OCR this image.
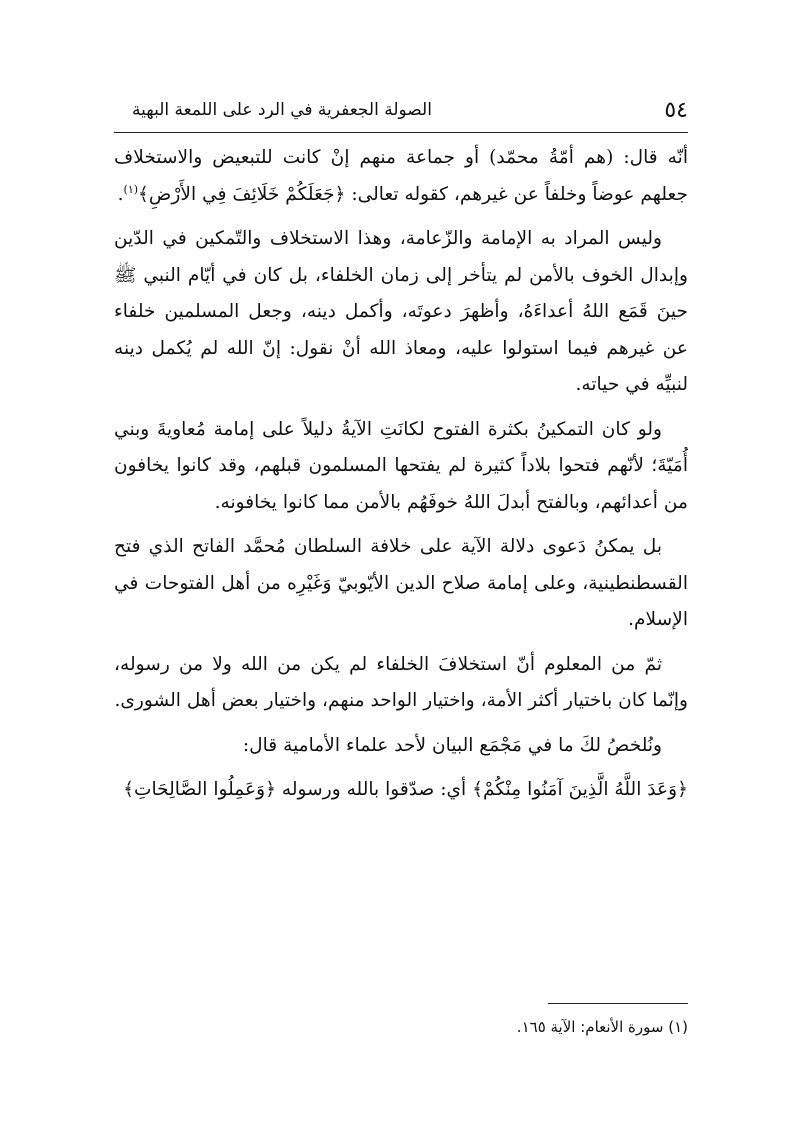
٥٤
الصولة الجعفرية في الرد على اللمعة البهية

أنّه قال: (هم أمّةُ محمّد) أو جماعة منهم إنْ كانت للتبعيض والاستخلاف جعلهم عوضاً وخلفاً عن غيرهم، كقوله تعالى: ﴿جَعَلَكُمْ خَلَائِفَ فِي الأَرْضِ﴾$^{(١)}$.

وليس المراد به الإمامة والزّعامة، وهذا الاستخلاف والتّمكين في الدّين وإبدال الخوف بالأمن لم يتأخر إلى زمان الخلفاء، بل كان في أيّام النبي ﷺ حينَ قَمَع اللهُ أعداءَهُ، وأظهرَ دعوتَه، وأكمل دينه، وجعل المسلمين خلفاء عن غيرهم فيما استولوا عليه، ومعاذ الله أنْ نقول: إنّ الله لم يُكمل دينه لنبيِّه في حياته.

ولو كان التمكينُ بكثرة الفتوح لكانَتِ الآيةُ دليلاً على إمامة مُعاويةَ وبني أُمَيّةَ؛ لأنّهم فتحوا بلاداً كثيرة لم يفتحها المسلمون قبلهم، وقد كانوا يخافون من أعدائهم، وبالفتح أبدلَ اللهُ خوفَهُم بالأمن مما كانوا يخافونه.

بل يمكنُ دَعوى دلالة الآية على خلافة السلطان مُحمَّد الفاتح الذي فتح القسطنطينية، وعلى إمامة صلاح الدين الأيّوبيّ وَغَيْرِه من أهل الفتوحات في الإسلام.

ثمّ من المعلوم أنّ استخلافَ الخلفاء لم يكن من الله ولا من رسوله، وإنّما كان باختيار أكثر الأمة، واختيار الواحد منهم، واختيار بعض أهل الشورى.

ونُلخصُ لكَ ما في مَجْمَع البيان لأحد علماء الأمامية قال:

﴿وَعَدَ اللَّهُ الَّذِينَ آمَنُوا مِنْكُمْ﴾ أي: صدّقوا بالله ورسوله ﴿وَعَمِلُوا الصَّالِحَاتِ﴾

(١) سورة الأنعام: الآية ١٦٥.
